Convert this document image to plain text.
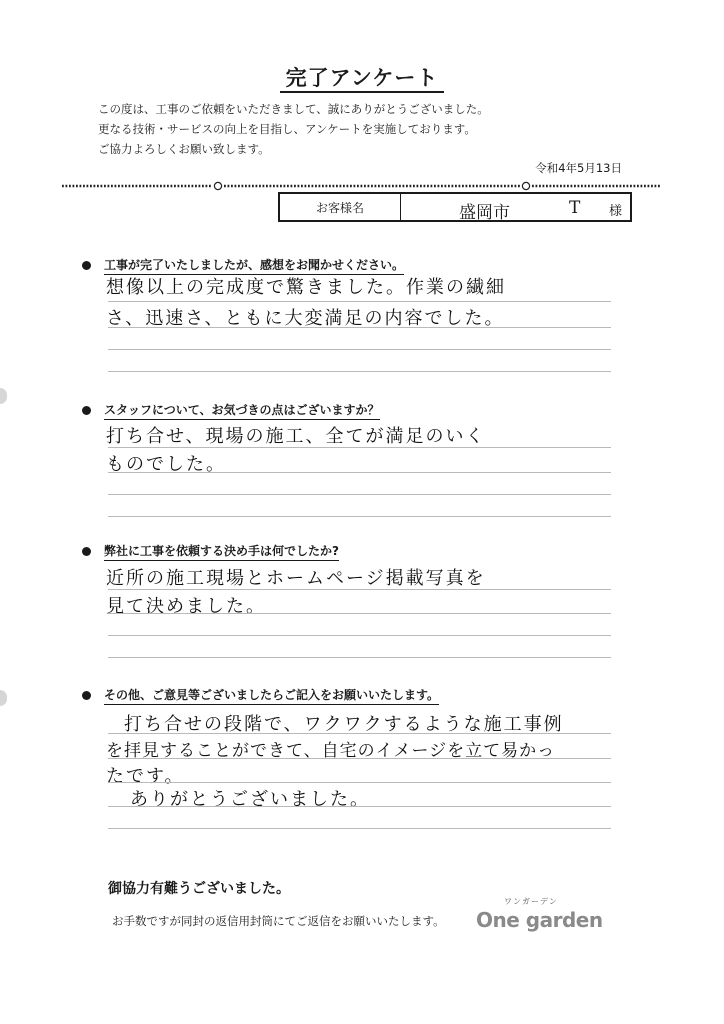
完了アンケート
この度は、工事のご依頼をいただきまして、誠にありがとうございました。
更なる技術・サービスの向上を目指し、アンケートを実施しております。
ご協力よろしくお願い致します。
令和4年5月13日
お客様名	盛岡市	T 様
工事が完了いたしましたが、感想をお聞かせください。
想像以上の完成度で驚きました。作業の繊細
さ、迅速さ、ともに大変満足の内容でした。
スタッフについて、お気づきの点はございますか？
打ち合せ、現場の施工、全てが満足のいく
ものでした。
弊社に工事を依頼する決め手は何でしたか?
近所の施工現場とホームページ掲載写真を
見て決めました。
その他、ご意見等ございましたらご記入をお願いいたします。
打ち合せの段階で、ワクワクするような施工事例
を拝見することができて、自宅のイメージを立て易かっ
たです。
ありがとうございました。
御協力有難うございました。
お手数ですが同封の返信用封筒にてご返信をお願いいたします。
ワンガーデン
One garden
